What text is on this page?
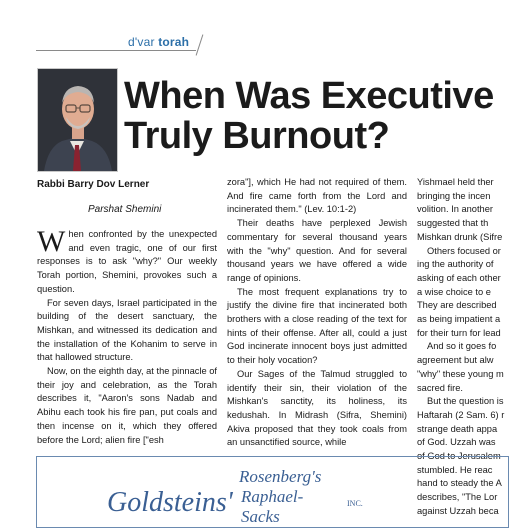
d'var torah
When Was Executive
Truly Burnout?
Rabbi Barry Dov Lerner
Parshat Shemini

When confronted by the unexpected and even tragic, one of our first responses is to ask "why?" Our weekly Torah portion, Shemini, provokes such a question.

For seven days, Israel participated in the building of the desert sanctuary, the Mishkan, and witnessed its dedication and the installation of the Kohanim to serve in that hallowed structure.

Now, on the eighth day, at the pinnacle of their joy and celebration, as the Torah describes it, "Aaron's sons Nadab and Abihu each took his fire pan, put coals and then incense on it, which they offered before the Lord; alien fire ["esh

zora"], which He had not required of them. And fire came forth from the Lord and incinerated them." (Lev. 10:1-2)

Their deaths have perplexed Jewish commentary for several thousand years with the "why" question. And for several thousand years we have offered a wide range of opinions.

The most frequent explanations try to justify the divine fire that incinerated both brothers with a close reading of the text for hints of their offense. After all, could a just God incinerate innocent boys just admitted to their holy vocation?

Our Sages of the Talmud struggled to identify their sin, their violation of the Mishkan's sanctity, its holiness, its kedushah. In Midrash (Sifra, Shemini) Akiva proposed that they took coals from an unsanctified source, while

Yishmael held ther
bringing the incen
volition. In another
suggested that th
Mishkan drunk (Sifre
Others focused or
ing the authority of
asking of each other
a wise choice to e
They are described
as being impatient a
for their turn for lead
And so it goes fo
agreement but alw
"why" these young m
sacred fire.
But the question is
Haftarah (2 Sam. 6) r
strange death appa
of God. Uzzah was
of God to Jerusalem
stumbled. He reac
hand to steady the A
describes, "The Lor
against Uzzah beca
Goldsteins'
Rosenberg's
Raphael-Sacks
INC.
